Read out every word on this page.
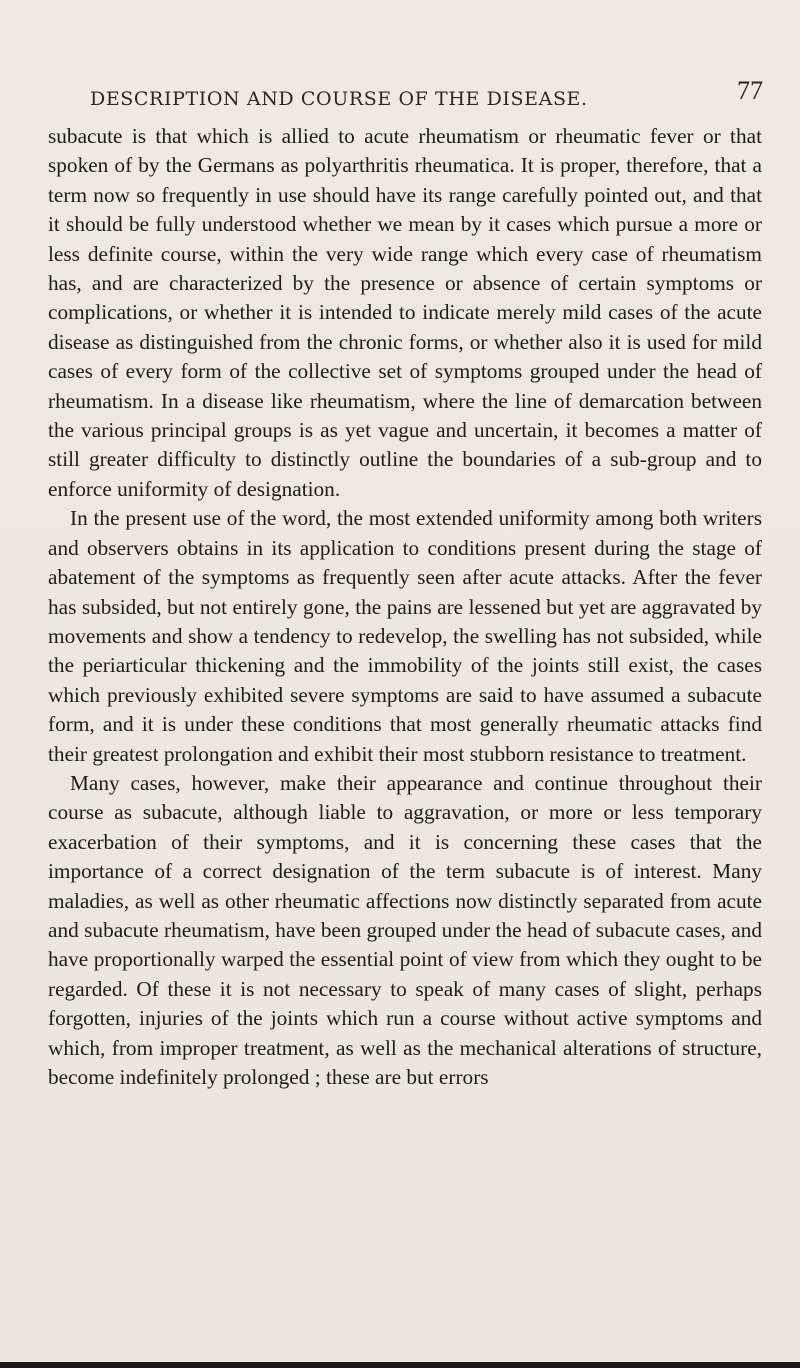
DESCRIPTION AND COURSE OF THE DISEASE.	77

subacute is that which is allied to acute rheumatism or rheumatic fever or that spoken of by the Germans as polyarthritis rheumatica. It is proper, therefore, that a term now so frequently in use should have its range carefully pointed out, and that it should be fully understood whether we mean by it cases which pursue a more or less definite course, within the very wide range which every case of rheumatism has, and are characterized by the presence or absence of certain symptoms or complications, or whether it is intended to indicate merely mild cases of the acute disease as distinguished from the chronic forms, or whether also it is used for mild cases of every form of the collective set of symptoms grouped under the head of rheumatism. In a disease like rheumatism, where the line of demarcation between the various principal groups is as yet vague and uncertain, it becomes a matter of still greater difficulty to distinctly outline the boundaries of a sub-group and to enforce uniformity of designation.

In the present use of the word, the most extended uniformity among both writers and observers obtains in its application to conditions present during the stage of abatement of the symptoms as frequently seen after acute attacks. After the fever has subsided, but not entirely gone, the pains are lessened but yet are aggravated by movements and show a tendency to redevelop, the swelling has not subsided, while the periarticular thickening and the immobility of the joints still exist, the cases which previously exhibited severe symptoms are said to have assumed a subacute form, and it is under these conditions that most generally rheumatic attacks find their greatest prolongation and exhibit their most stubborn resistance to treatment.

Many cases, however, make their appearance and continue throughout their course as subacute, although liable to aggravation, or more or less temporary exacerbation of their symptoms, and it is concerning these cases that the importance of a correct designation of the term subacute is of interest. Many maladies, as well as other rheumatic affections now distinctly separated from acute and subacute rheumatism, have been grouped under the head of subacute cases, and have proportionally warped the essential point of view from which they ought to be regarded. Of these it is not necessary to speak of many cases of slight, perhaps forgotten, injuries of the joints which run a course without active symptoms and which, from improper treatment, as well as the mechanical alterations of structure, become indefinitely prolonged ; these are but errors
